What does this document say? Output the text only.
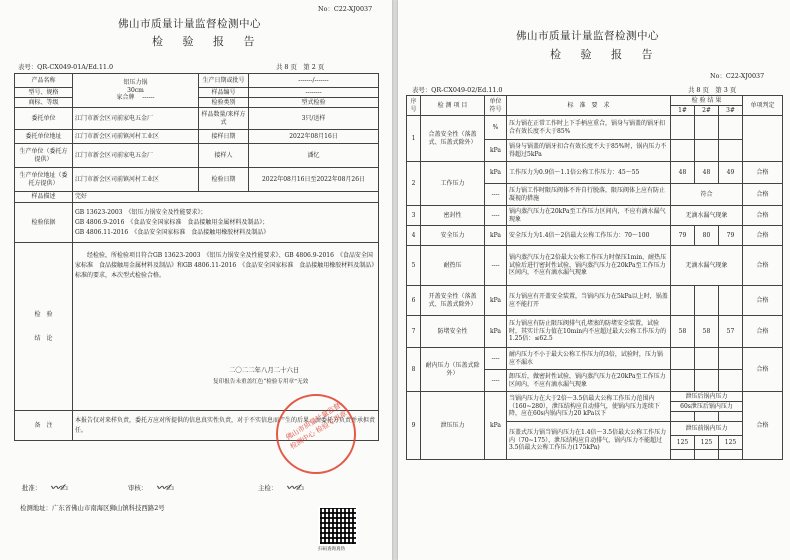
No：C22-XJ0037
佛山市质量计量监督检测中心
检 验 报 告
表号：QR-CX049-01A/Ed.11.0	共 8 页　第 2 页
产品名称	铝压力锅
30cm
家合牌　 ------	生产日期或批号	-------/-------
型号、规格		样品编号	--------
商标、等级		检验类别	型式检验
委托单位	江门市新会区司前家电五金厂	样品数量/来样方式	3只/送样
委托单位地址	江门市新会区司前镇河村工业区	接样日期	2022年08月16日
生产单位（委托方提供）	江门市新会区司前家电五金厂	接样人	潘忆
生产单位地址（委托方提供）	江门市新会区司前镇河村工业区	检验日期	2022年08月16日至2022年08月26日
样品描述	完好		
检验依据	GB 13623-2003　《铝压力锅安全及性能要求》；
GB 4806.9-2016　《食品安全国家标准　食品接触用金属材料及制品》；
GB 4806.11-2016　《食品安全国家标准　食品接触用橡胶材料及制品》		

检　验　结　论	经检验，所检验项目符合GB 13623-2003　《铝压力锅安全及性能要求》、GB 4806.9-2016　《食品安全国家标准　食品接触用金属材料及制品》和GB 4806.11-2016　《食品安全国家标准　食品接触用橡胶材料及制品》标准的要求，本次型式检验合格。
二〇二二年八月二十六日
复印报告未重盖红色“检验专用章”无效		

备　注	本报告仅对来样负责，委托方应对所提供的信息真实性负责，对于不实信息而产生的后果，由委托方负责并承担责任。			佛山市质量计量监督检测中心 检验专用章
批准： 〰✍	审核： 〰✍	主检： 〰✍
检测地址：广东省佛山市南海区狮山镇科技西路2号
扫码查询真伪
佛山市质量计量监督检测中心
检 验 报 告
No：C22-XJ0037
表号：QR-CX049-02/Ed.11.0	共 8 页　第 3 页
序号	检 测 项 目	单位符号	标　准　要　求	检 验 结 果			单项判定
				1#	2#	3#	
1	合盖安全性（落盖式、压盖式除外）	%	压力锅在正常工作时上下手柄应重合，锅身与锅盖的锅牙扣合有效长度不大于85%				
		kPa	锅身与锅盖的锅牙扣合有效长度不大于85%时，锅内压力不得超过5kPa				
2	工作压力	kPa	工作压力为0.9倍～1.1倍公称工作压力：45～55	48	48	49	合格
		----	压力锅工作时限压阀体不许自行脱落，限压阀体上应有防止凝视的措施	符合			合格
3	密封性	----	锅内蒸汽压力在20kPa至工作压力区间内，不应有滴水漏气现象	无滴水漏气现象			合格
4	安全压力	kPa	安全压力为1.4倍～2倍最大公称工作压力：70～100	79	80	79	合格
5	耐热压	----	锅内蒸汽压力在2倍最大公称工作压力时保压1min，耐热压试验后进行密封性试验，锅内蒸汽压力在20kPa至工作压力区间内，不应有滴水漏气现象	无滴水漏气现象			合格
6	开盖安全性（落盖式、压盖式除外）	kPa	压力锅应有开盖安全装置，当锅内压力在5kPa以上时，锅盖应不能打开				合格
7	防堵安全性	kPa	压力锅应有防止限压阀排气孔堵塞的防堵安全装置，试验时，其实计压力值在10min内不应超过最大公称工作压力的1.25倍：≤62.5	58	58	57	合格
8	耐内压力（压盖式除外）	----	耐内压力不小于最大公称工作压力的3倍，试验时，压力锅应不漏水				合格
		----	卸压后，做密封性试验，锅内蒸汽压力在20kPa至工作压力区间内，不应有滴水漏气现象				
9	泄压压力	kPa	当锅内压力在大于2倍～3.5倍最大公称工作压力范围内（160~280），泄压结构应自动排气，使锅内压力连续下降，应在60s内锅内压力20 kPa以下	泄压后锅内压力			合格
				60s泄压后锅内压力			

			压盖式压力锅当锅内压力在1.4倍～3.5倍最大公称工作压力内（70~175），泄压结构应自动排气，锅内压力不能超过3.5倍最大公称工作压力(175kPa)	泄压前锅内压力			
				125	125	125	
